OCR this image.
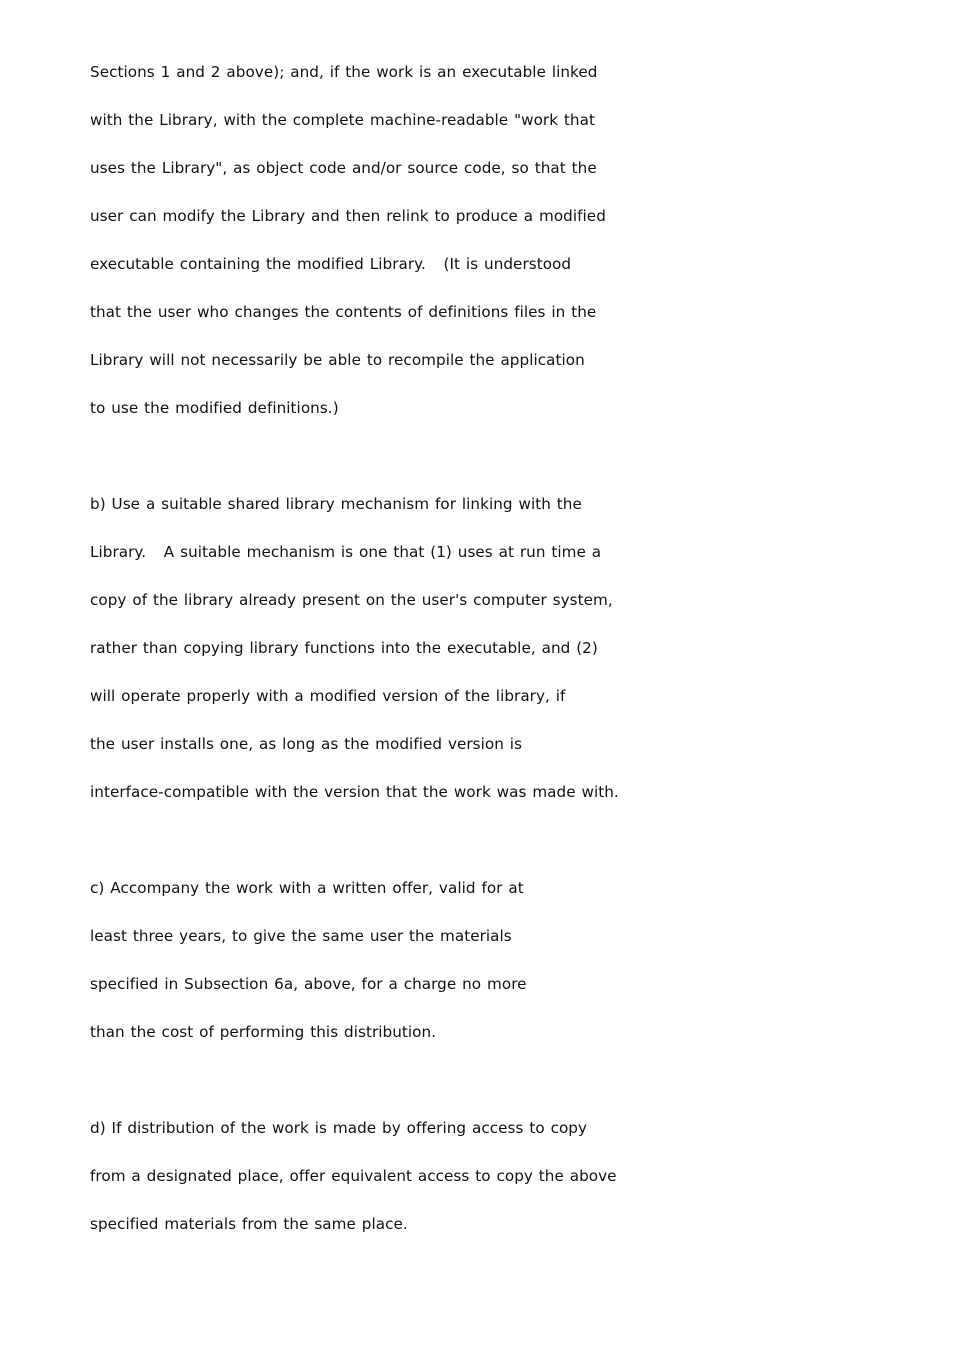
Sections 1 and 2 above); and, if the work is an executable linked
with the Library, with the complete machine-readable "work that
uses the Library", as object code and/or source code, so that the
user can modify the Library and then relink to produce a modified
executable containing the modified Library.   (It is understood
that the user who changes the contents of definitions files in the
Library will not necessarily be able to recompile the application
to use the modified definitions.)
b) Use a suitable shared library mechanism for linking with the
Library.   A suitable mechanism is one that (1) uses at run time a
copy of the library already present on the user's computer system,
rather than copying library functions into the executable, and (2)
will operate properly with a modified version of the library, if
the user installs one, as long as the modified version is
interface-compatible with the version that the work was made with.
c) Accompany the work with a written offer, valid for at
least three years, to give the same user the materials
specified in Subsection 6a, above, for a charge no more
than the cost of performing this distribution.
d) If distribution of the work is made by offering access to copy
from a designated place, offer equivalent access to copy the above
specified materials from the same place.
